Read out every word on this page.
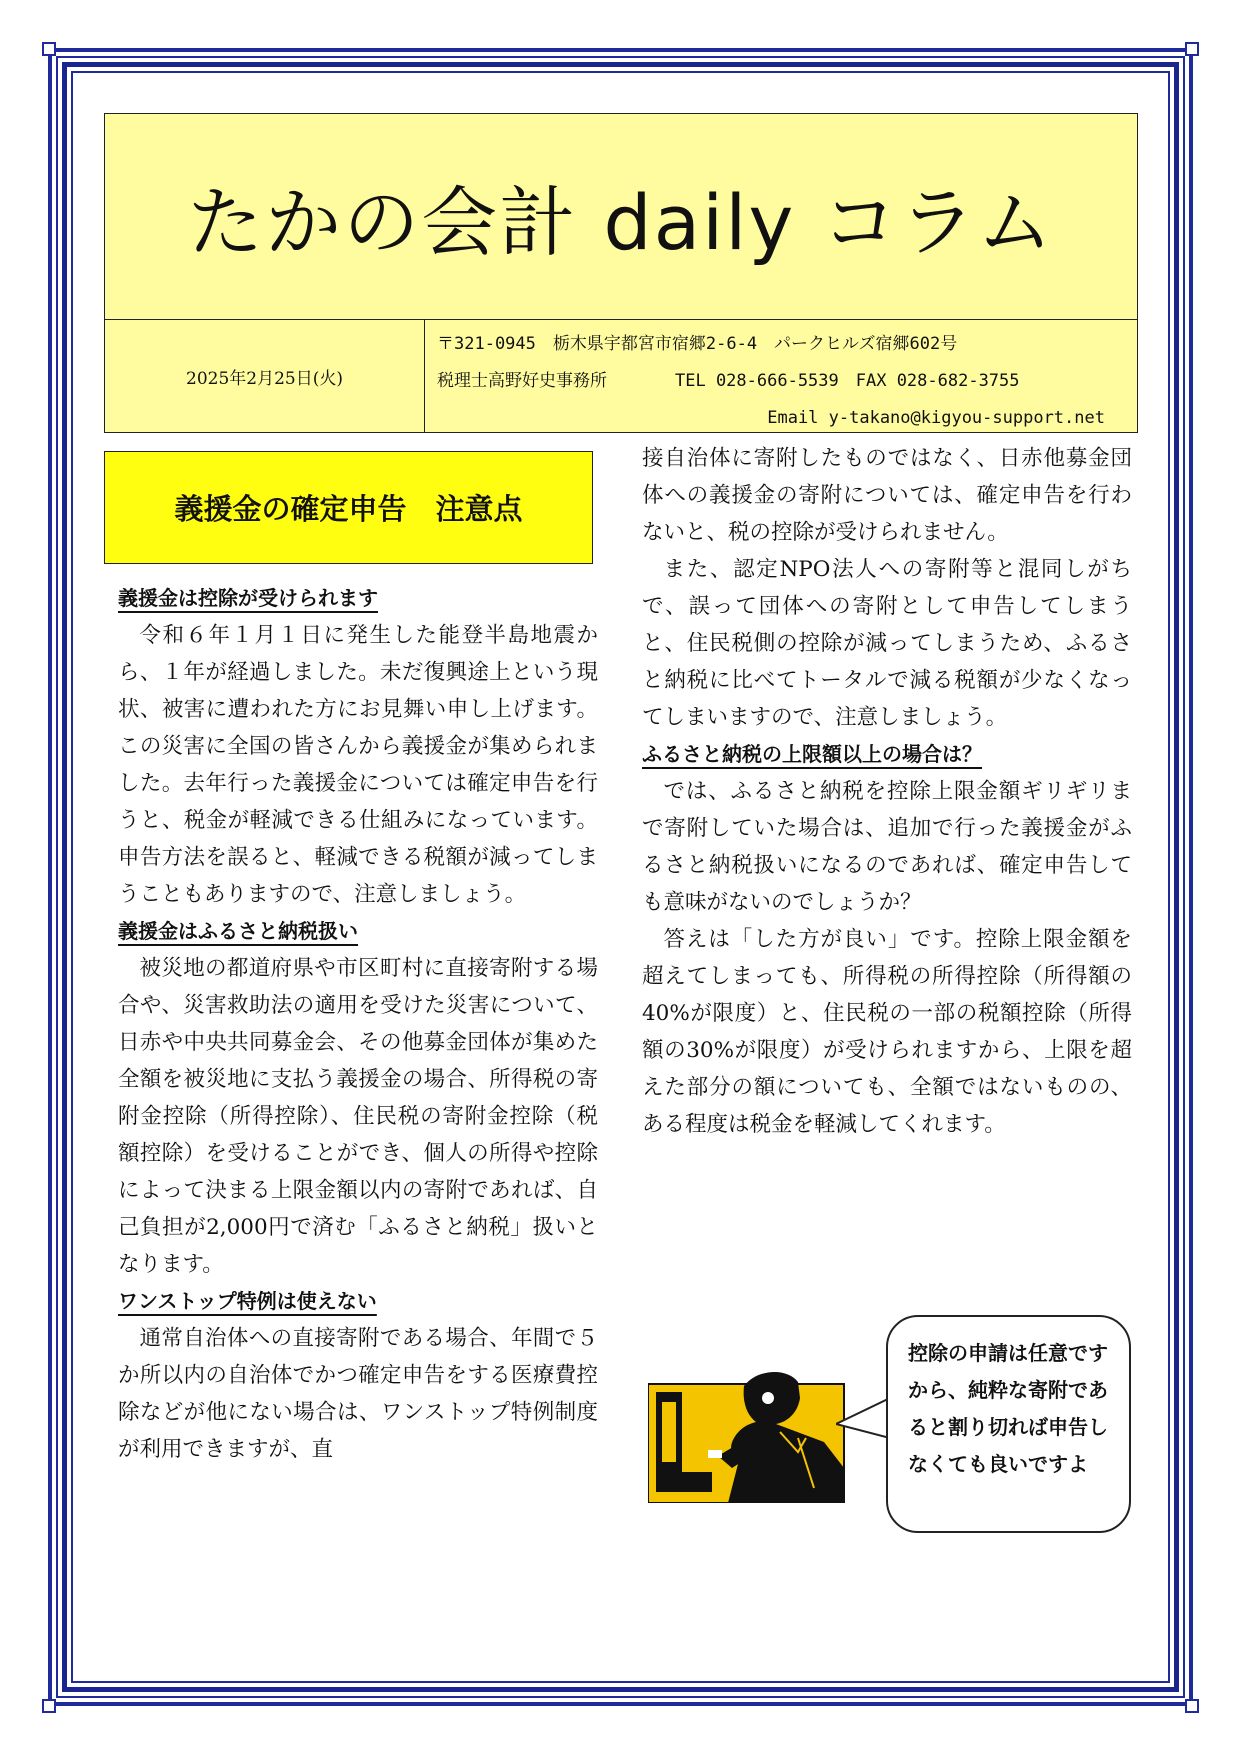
たかの会計 daily コラム
2025年2月25日(火)
〒321-0945　栃木県宇都宮市宿郷2-6-4　パークヒルズ宿郷602号
税理士高野好史事務所　　　　TEL 028-666-5539　FAX 028-682-3755
Email y-takano@kigyou-support.net
義援金の確定申告　注意点
義援金は控除が受けられます

令和６年１月１日に発生した能登半島地震から、１年が経過しました。未だ復興途上という現状、被害に遭われた方にお見舞い申し上げます。この災害に全国の皆さんから義援金が集められました。去年行った義援金については確定申告を行うと、税金が軽減できる仕組みになっています。申告方法を誤ると、軽減できる税額が減ってしまうこともありますので、注意しましょう。

義援金はふるさと納税扱い

被災地の都道府県や市区町村に直接寄附する場合や、災害救助法の適用を受けた災害について、日赤や中央共同募金会、その他募金団体が集めた全額を被災地に支払う義援金の場合、所得税の寄附金控除（所得控除）、住民税の寄附金控除（税額控除）を受けることができ、個人の所得や控除によって決まる上限金額以内の寄附であれば、自己負担が2,000円で済む「ふるさと納税」扱いとなります。

ワンストップ特例は使えない

通常自治体への直接寄附である場合、年間で５か所以内の自治体でかつ確定申告をする医療費控除などが他にない場合は、ワンストップ特例制度が利用できますが、直

接自治体に寄附したものではなく、日赤他募金団体への義援金の寄附については、確定申告を行わないと、税の控除が受けられません。

また、認定NPO法人への寄附等と混同しがちで、誤って団体への寄附として申告してしまうと、住民税側の控除が減ってしまうため、ふるさと納税に比べてトータルで減る税額が少なくなってしまいますので、注意しましょう。

ふるさと納税の上限額以上の場合は？

では、ふるさと納税を控除上限金額ギリギリまで寄附していた場合は、追加で行った義援金がふるさと納税扱いになるのであれば、確定申告しても意味がないのでしょうか？

答えは「した方が良い」です。控除上限金額を超えてしまっても、所得税の所得控除（所得額の40%が限度）と、住民税の一部の税額控除（所得額の30%が限度）が受けられますから、上限を超えた部分の額についても、全額ではないものの、ある程度は税金を軽減してくれます。

控除の申請は任意ですから、純粋な寄附であると割り切れば申告しなくても良いですよ
